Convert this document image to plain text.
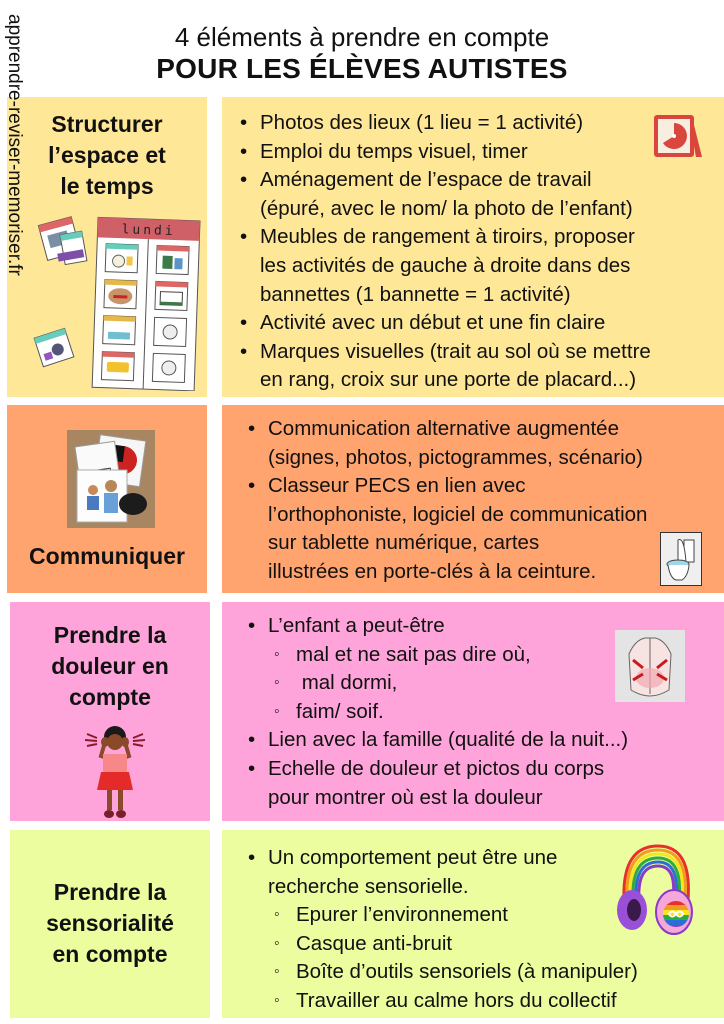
apprendre-reviser-memoriser.fr	4 éléments à prendre en compte
POUR LES ÉLÈVES AUTISTES
Structurer
l’espace et
le temps
lundi
• Photos des lieux (1 lieu = 1 activité)
• Emploi du temps visuel, timer
• Aménagement de l’espace de travail
(épuré, avec le nom/ la photo de l’enfant)
• Meubles de rangement à tiroirs, proposer
les activités de gauche à droite dans des
bannettes (1 bannette = 1 activité)
• Activité avec un début et une fin claire
• Marques visuelles (trait au sol où se mettre
en rang, croix sur une porte de placard...)
Communiquer
• Communication alternative augmentée
(signes, photos, pictogrammes, scénario)
• Classeur PECS en lien avec
l’orthophoniste, logiciel de communication
sur tablette numérique, cartes
illustrées en porte-clés à la ceinture.
Prendre la
douleur en
compte
• L’enfant a peut-être
◦ mal et ne sait pas dire où,
◦  mal dormi,
◦ faim/ soif.
• Lien avec la famille (qualité de la nuit...)
• Echelle de douleur et pictos du corps
pour montrer où est la douleur
Prendre la
sensorialité
en compte
• Un comportement peut être une
recherche sensorielle.
◦ Epurer l’environnement
◦ Casque anti-bruit
◦ Boîte d’outils sensoriels (à manipuler)
◦ Travailler au calme hors du collectif
